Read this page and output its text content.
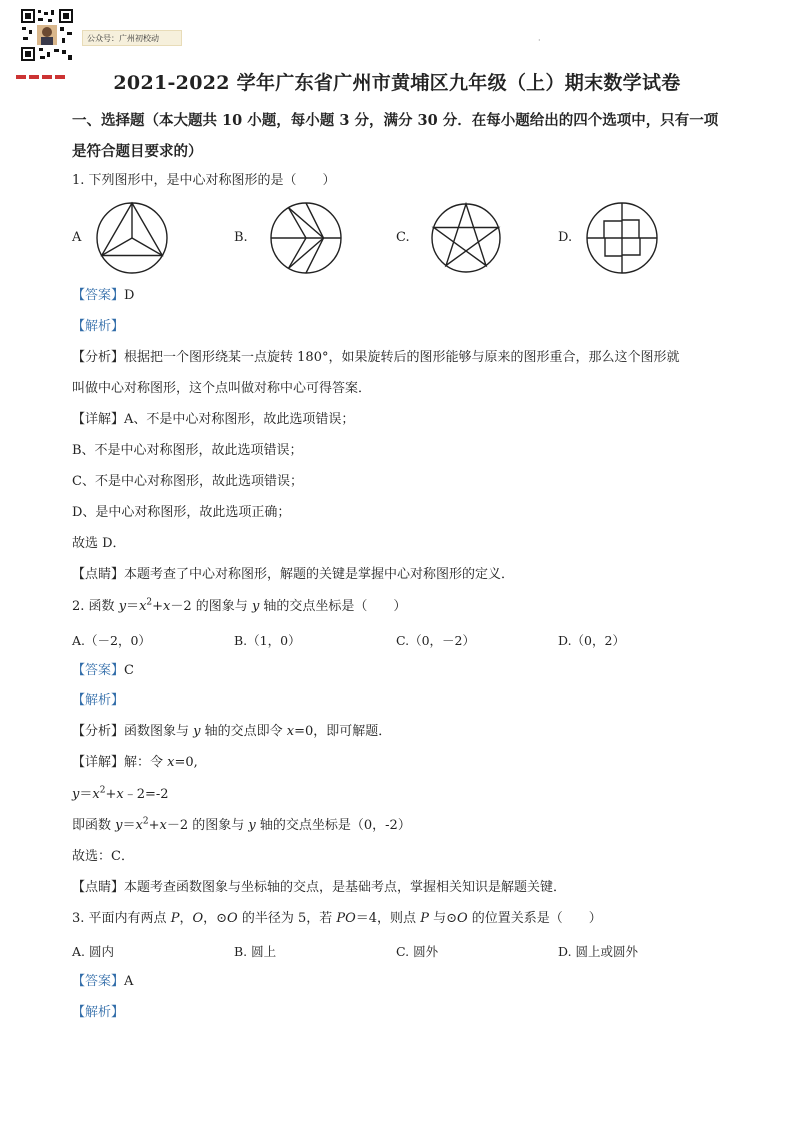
公众号：广州初校动	·
2021-2022 学年广东省广州市黄埔区九年级（上）期末数学试卷
一、选择题（本大题共 10 小题，每小题 3 分，满分 30 分．在每小题给出的四个选项中，只有一项是符合题目要求的）
1. 下列图形中，是中心对称图形的是（　　）
A	B.	C.	D.
【答案】D
【解析】
【分析】根据把一个图形绕某一点旋转 180°，如果旋转后的图形能够与原来的图形重合，那么这个图形就
叫做中心对称图形，这个点叫做对称中心可得答案．
【详解】A、不是中心对称图形，故此选项错误；
B、不是中心对称图形，故此选项错误；
C、不是中心对称图形，故此选项错误；
D、是中心对称图形，故此选项正确；
故选 D．
【点睛】本题考查了中心对称图形，解题的关键是掌握中心对称图形的定义．
2. 函数 $y=x^2+x-2$ 的图象与 y 轴的交点坐标是（　　）
A.（－2，0）	B.（1，0）	C.（0，－2）	D.（0，2）
【答案】C
【解析】
【分析】函数图象与 y 轴的交点即令 x=0，即可解题．
【详解】解：令 x=0,
$y=x^2+x﹣2=-2$
即函数 $y=x^2+x-2$ 的图象与 y 轴的交点坐标是（0，-2）
故选：C．
【点睛】本题考查函数图象与坐标轴的交点，是基础考点，掌握相关知识是解题关键．
3. 平面内有两点 P，O，⊙O 的半径为 5，若 PO＝4，则点 P 与⊙O 的位置关系是（　　）
A. 圆内	B. 圆上	C. 圆外	D. 圆上或圆外
【答案】A
【解析】
